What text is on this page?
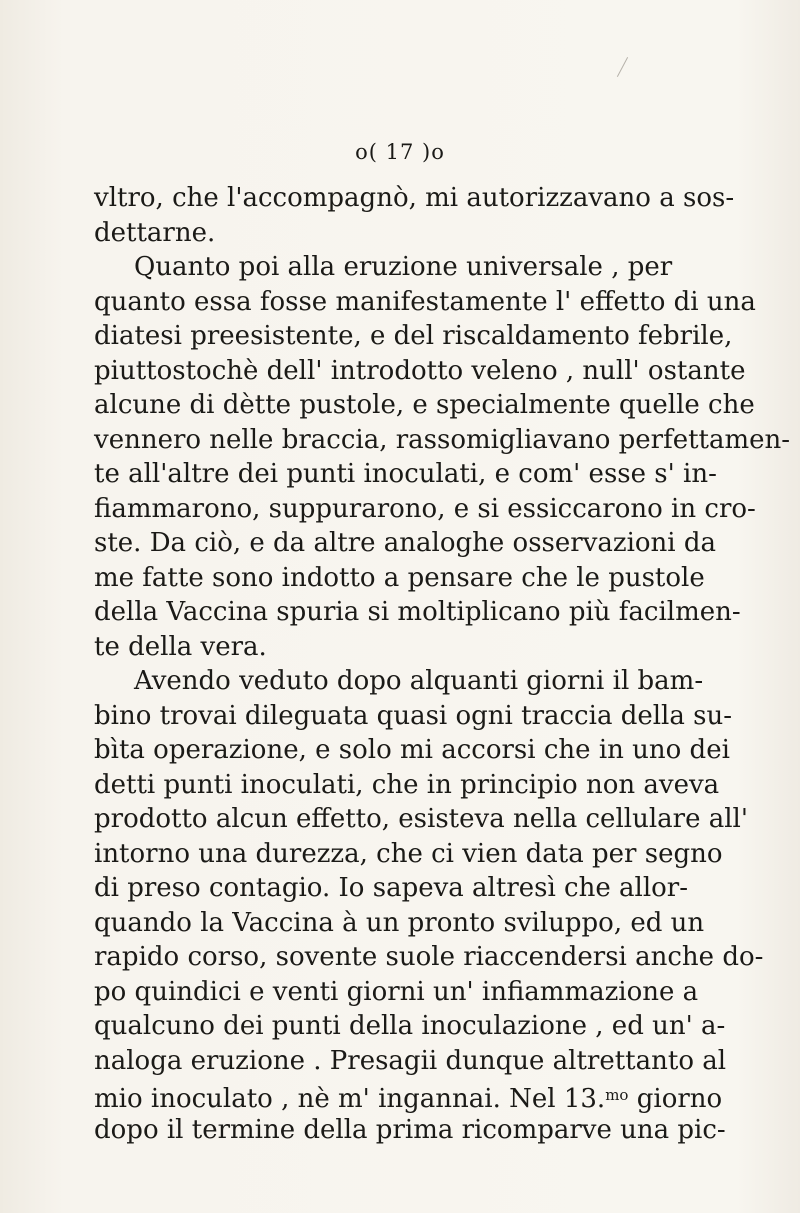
o( 17 )o
vltro, che l'accompagnò, mi autorizzavano a sos-
dettarne.
Quanto poi alla eruzione universale , per
quanto essa fosse manifestamente l' effetto di una
diatesi preesistente, e del riscaldamento febrile,
piuttostochè dell' introdotto veleno , null' ostante
alcune di dètte pustole, e specialmente quelle che
vennero nelle braccia, rassomigliavano perfettamen-
te all'altre dei punti inoculati, e com' esse s' in-
fiammarono, suppurarono, e si essiccarono in cro-
ste. Da ciò, e da altre analoghe osservazioni da
me fatte sono indotto a pensare che le pustole
della Vaccina spuria si moltiplicano più facilmen-
te della vera.
Avendo veduto dopo alquanti giorni il bam-
bino trovai dileguata quasi ogni traccia della su-
bìta operazione, e solo mi accorsi che in uno dei
detti punti inoculati, che in principio non aveva
prodotto alcun effetto, esisteva nella cellulare all'
intorno una durezza, che ci vien data per segno
di preso contagio. Io sapeva altresì che allor-
quando la Vaccina à un pronto sviluppo, ed un
rapido corso, sovente suole riaccendersi anche do-
po quindici e venti giorni un' infiammazione a
qualcuno dei punti della inoculazione , ed un' a-
naloga eruzione . Presagii dunque altrettanto al
mio inoculato , nè m' ingannai. Nel 13.$^{mo}$ giorno
dopo il termine della prima ricomparve una pic-
